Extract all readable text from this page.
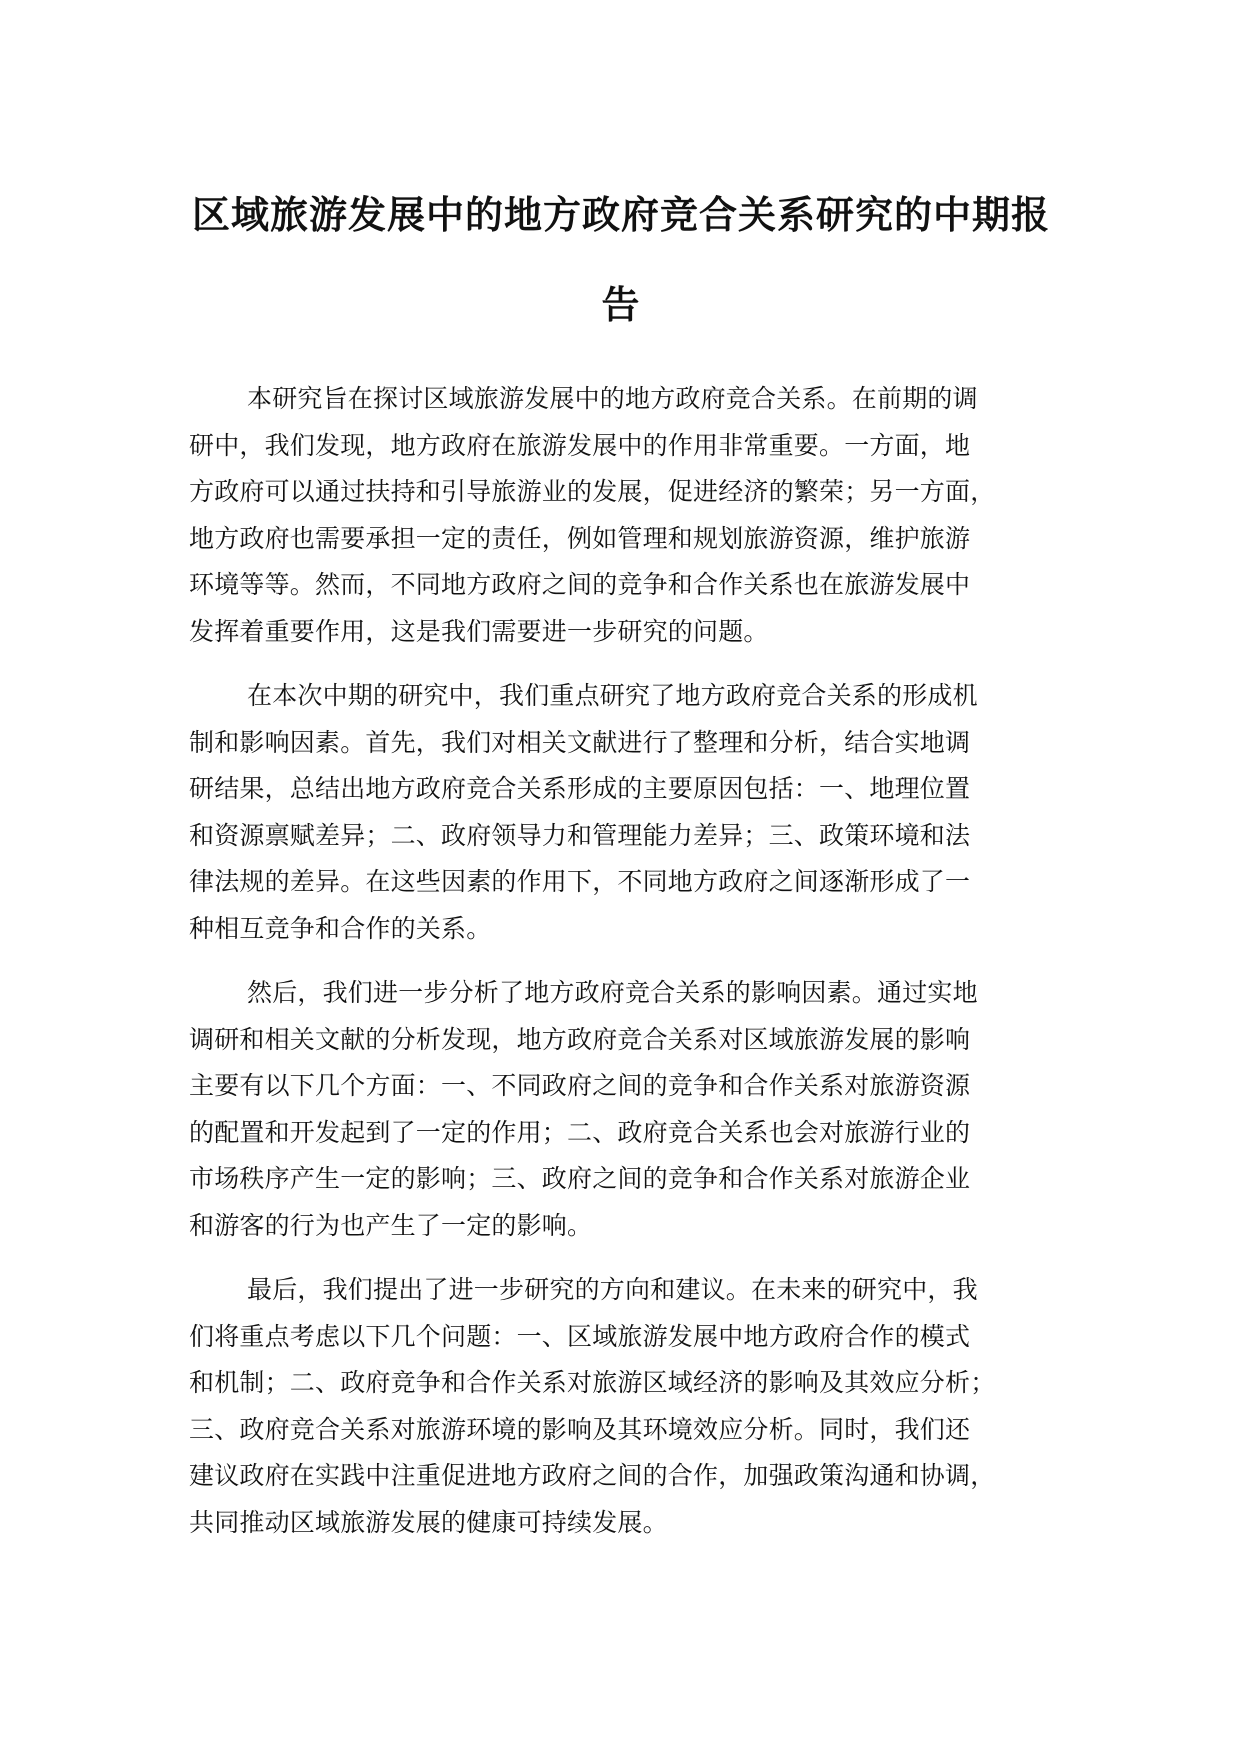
区域旅游发展中的地方政府竞合关系研究的中期报
告
本研究旨在探讨区域旅游发展中的地方政府竞合关系。在前期的调
研中，我们发现，地方政府在旅游发展中的作用非常重要。一方面，地
方政府可以通过扶持和引导旅游业的发展，促进经济的繁荣；另一方面，
地方政府也需要承担一定的责任，例如管理和规划旅游资源，维护旅游
环境等等。然而，不同地方政府之间的竞争和合作关系也在旅游发展中
发挥着重要作用，这是我们需要进一步研究的问题。
在本次中期的研究中，我们重点研究了地方政府竞合关系的形成机
制和影响因素。首先，我们对相关文献进行了整理和分析，结合实地调
研结果，总结出地方政府竞合关系形成的主要原因包括：一、地理位置
和资源禀赋差异；二、政府领导力和管理能力差异；三、政策环境和法
律法规的差异。在这些因素的作用下，不同地方政府之间逐渐形成了一
种相互竞争和合作的关系。
然后，我们进一步分析了地方政府竞合关系的影响因素。通过实地
调研和相关文献的分析发现，地方政府竞合关系对区域旅游发展的影响
主要有以下几个方面：一、不同政府之间的竞争和合作关系对旅游资源
的配置和开发起到了一定的作用；二、政府竞合关系也会对旅游行业的
市场秩序产生一定的影响；三、政府之间的竞争和合作关系对旅游企业
和游客的行为也产生了一定的影响。
最后，我们提出了进一步研究的方向和建议。在未来的研究中，我
们将重点考虑以下几个问题：一、区域旅游发展中地方政府合作的模式
和机制；二、政府竞争和合作关系对旅游区域经济的影响及其效应分析；
三、政府竞合关系对旅游环境的影响及其环境效应分析。同时，我们还
建议政府在实践中注重促进地方政府之间的合作，加强政策沟通和协调，
共同推动区域旅游发展的健康可持续发展。
